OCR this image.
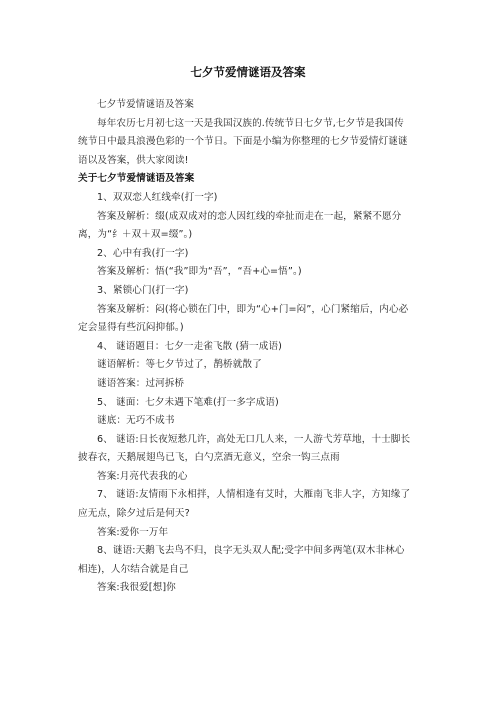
七夕节爱情谜语及答案

七夕节爱情谜语及答案

每年农历七月初七这一天是我国汉族的.传统节日七夕节,七夕节是我国传统节日中最具浪漫色彩的一个节日。下面是小编为你整理的七夕节爱情灯谜谜语以及答案，供大家阅读!

关于七夕节爱情谜语及答案

1、双双恋人红线牵(打一字)

答案及解析：缀(成双成对的恋人因红线的牵扯而走在一起，紧紧不愿分离，为“纟＋双＋双=缀”。)

2、心中有我(打一字)

答案及解析：悟(“我”即为“吾”，“吾+心=悟”。)

3、紧锁心门(打一字)

答案及解析：闷(将心锁在门中，即为“心+门=闷”，心门紧缩后，内心必定会显得有些沉闷抑郁。)

4、 谜语题目：七夕一走雀飞散 (猜一成语)

谜语解析：等七夕节过了，鹊桥就散了

谜语答案：过河拆桥

5、 谜面：七夕未遇下笔难(打一多字成语)

谜底：无巧不成书

6、 谜语:日长夜短愁几许，高处无口几人来，一人游弋芳草地，十士脚长披春衣，天鹅展翅鸟已飞，白勺烹酒无意义，空余一钩三点雨

答案:月亮代表我的心

7、 谜语:友情雨下永相拌，人情相逢有艾时，大雁南飞非人字，方知缘了应无点，除夕过后是何天?

答案:爱你一万年

8、谜语:天鹅飞去鸟不归，良字无头双人配;受字中间多两笔(双木非林心相连)，人尔结合就是自己

答案:我很爱[想]你
